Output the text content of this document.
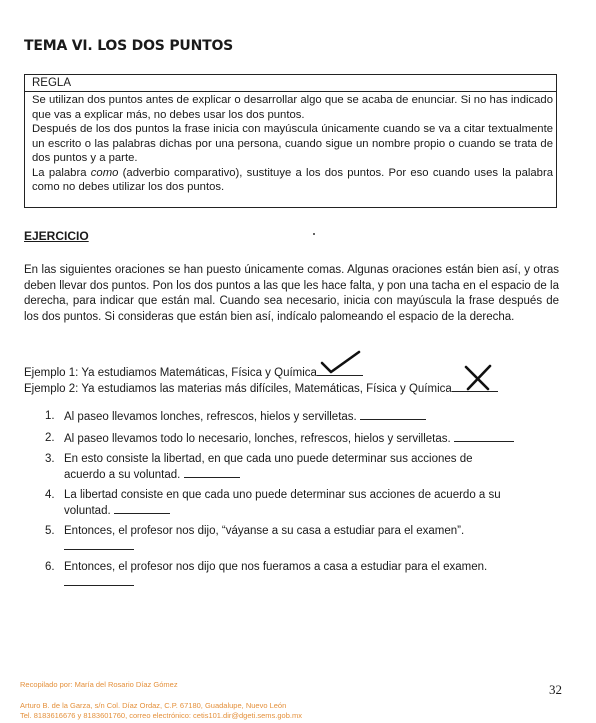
TEMA VI. LOS DOS PUNTOS
REGLA

Se utilizan dos puntos antes de explicar o desarrollar algo que se acaba de enunciar. Si no has indicado que vas a explicar más, no debes usar los dos puntos.

Después de los dos puntos la frase inicia con mayúscula únicamente cuando se va a citar textualmente un escrito o las palabras dichas por una persona, cuando sigue un nombre propio o cuando se trata de dos puntos y a parte.

La palabra como (adverbio comparativo), sustituye a los dos puntos. Por eso cuando uses la palabra como no debes utilizar los dos puntos.

EJERCICIO

En las siguientes oraciones se han puesto únicamente comas. Algunas oraciones están bien así, y otras deben llevar dos puntos. Pon los dos puntos a las que les hace falta, y pon una tacha en el espacio de la derecha, para indicar que están mal. Cuando sea necesario, inicia con mayúscula la frase después de los dos puntos. Si consideras que están bien así, indícalo palomeando el espacio de la derecha.

Ejemplo 1: Ya estudiamos Matemáticas, Física y Química
Ejemplo 2: Ya estudiamos las materias más difíciles, Matemáticas, Física y Química
1. Al paseo llevamos lonches, refrescos, hielos y servilletas.
2. Al paseo llevamos todo lo necesario, lonches, refrescos, hielos y servilletas.
3. En esto consiste la libertad, en que cada uno puede determinar sus acciones de acuerdo a su voluntad.
4. La libertad consiste en que cada uno puede determinar sus acciones de acuerdo a su voluntad.
5. Entonces, el profesor nos dijo, “váyanse a su casa a estudiar para el examen”.

6. Entonces, el profesor nos dijo que nos fueramos a casa a estudiar para el examen.

Recopilado por: María del Rosario Díaz Gómez
Arturo B. de la Garza, s/n Col. Díaz Ordaz, C.P. 67180, Guadalupe, Nuevo León
Tel. 8183616676 y 8183601760, correo electrónico: cetis101.dir@dgeti.sems.gob.mx
32
